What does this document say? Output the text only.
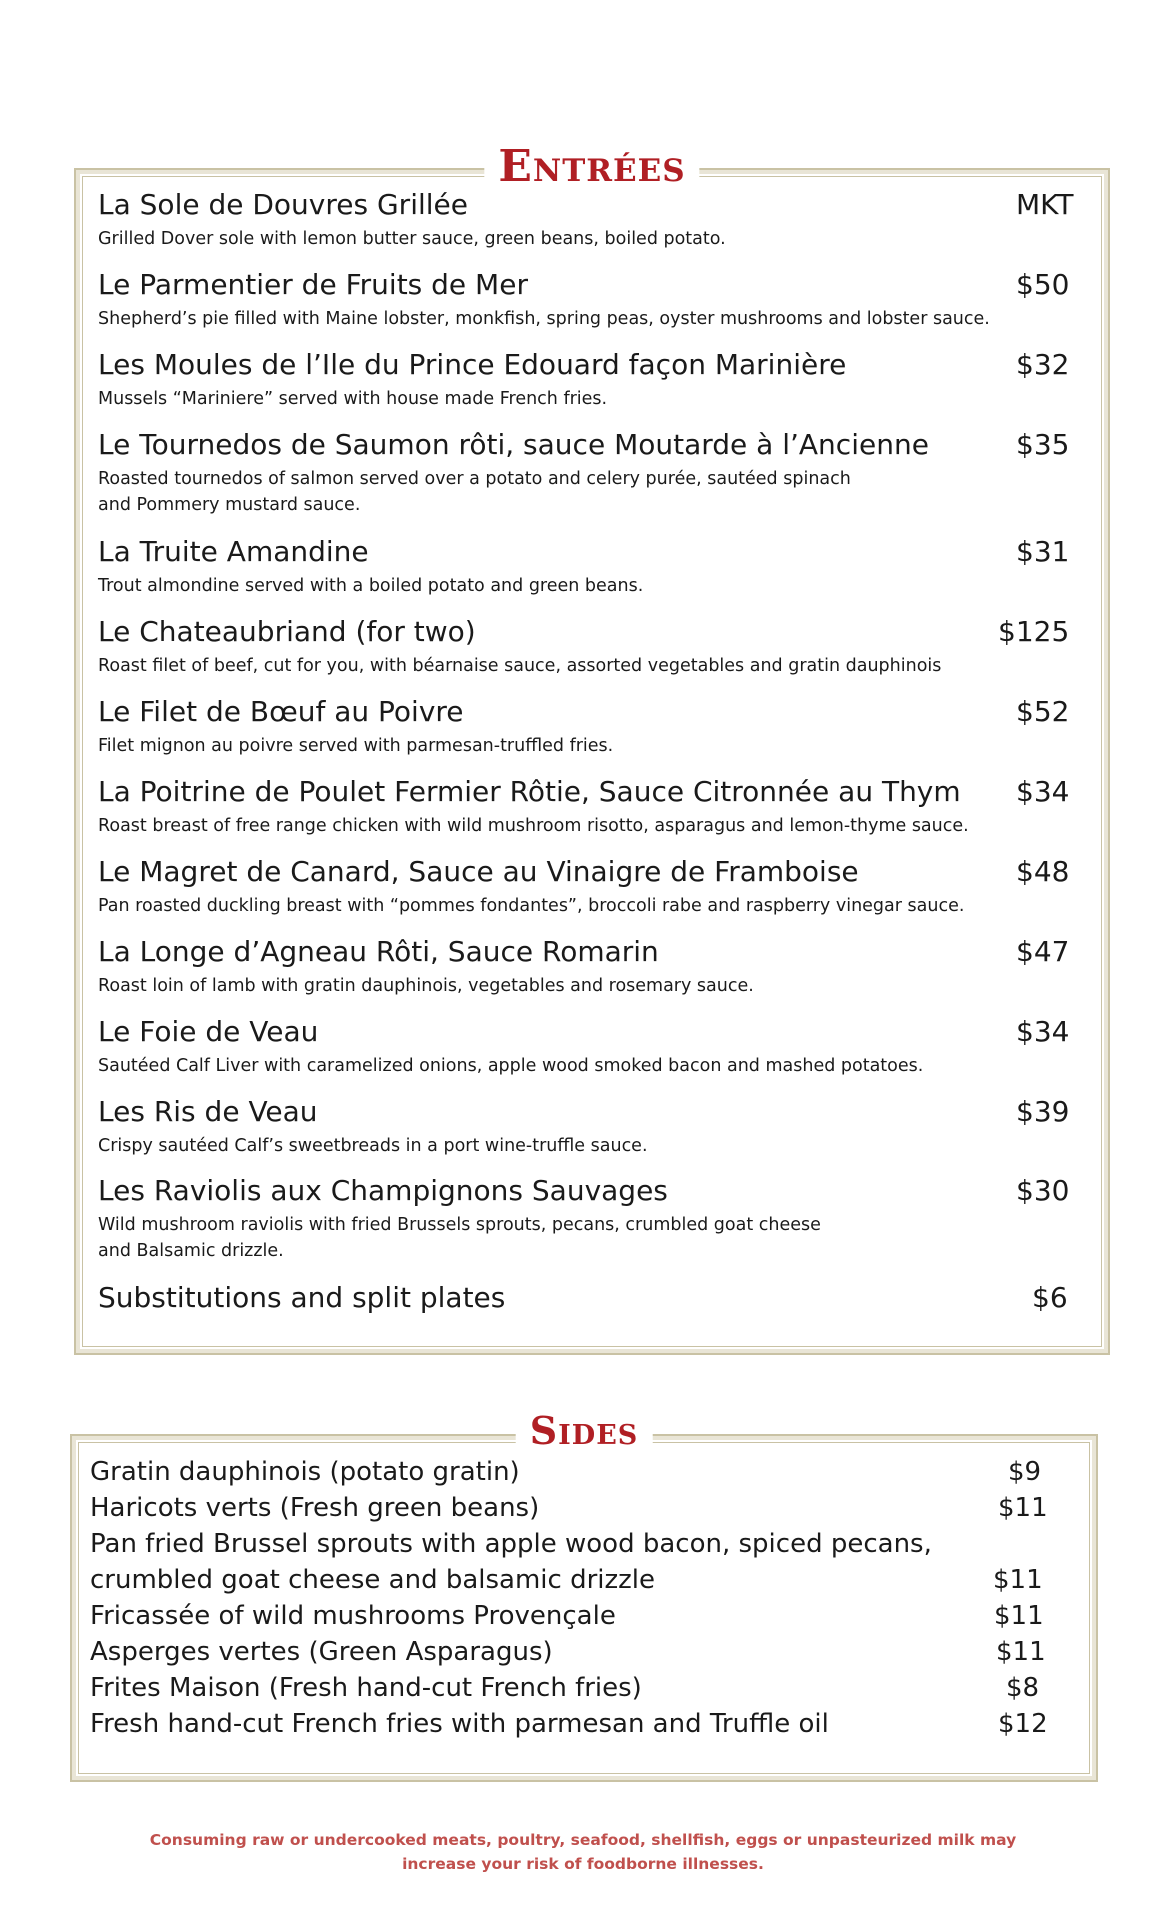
Entrées
La Sole de Douvres Grillée	MKT
Grilled Dover sole with lemon butter sauce, green beans, boiled potato.
Le Parmentier de Fruits de Mer	$50
Shepherd’s pie filled with Maine lobster, monkfish, spring peas, oyster mushrooms and lobster sauce.
Les Moules de l’Ile du Prince Edouard façon Marinière	$32
Mussels “Mariniere” served with house made French fries.
Le Tournedos de Saumon rôti, sauce Moutarde à l’Ancienne	$35
Roasted tournedos of salmon served over a potato and celery purée, sautéed spinach
and Pommery mustard sauce.
La Truite Amandine	$31
Trout almondine served with a boiled potato and green beans.
Le Chateaubriand (for two)	$125
Roast filet of beef, cut for you, with béarnaise sauce, assorted vegetables and gratin dauphinois
Le Filet de Bœuf au Poivre	$52
Filet mignon au poivre served with parmesan-truffled fries.
La Poitrine de Poulet Fermier Rôtie, Sauce Citronnée au Thym $34
Roast breast of free range chicken with wild mushroom risotto, asparagus and lemon-thyme sauce.
Le Magret de Canard, Sauce au Vinaigre de Framboise	$48
Pan roasted duckling breast with “pommes fondantes”, broccoli rabe and raspberry vinegar sauce.
La Longe d’Agneau Rôti, Sauce Romarin	$47
Roast loin of lamb with gratin dauphinois, vegetables and rosemary sauce.
Le Foie de Veau	$34
Sautéed Calf Liver with caramelized onions, apple wood smoked bacon and mashed potatoes.
Les Ris de Veau	$39
Crispy sautéed Calf’s sweetbreads in a port wine-truffle sauce.
Les Raviolis aux Champignons Sauvages	$30
Wild mushroom raviolis with fried Brussels sprouts, pecans, crumbled goat cheese
and Balsamic drizzle.
Substitutions and split plates	$6
Sides
Gratin dauphinois (potato gratin)	$9
Haricots verts (Fresh green beans)	$11
Pan fried Brussel sprouts with apple wood bacon, spiced pecans,
crumbled goat cheese and balsamic drizzle	$11
Fricassée of wild mushrooms Provençale	$11
Asperges vertes (Green Asparagus)	$11
Frites Maison (Fresh hand-cut French fries)	$8
Fresh hand-cut French fries with parmesan and Truffle oil	$12
Consuming raw or undercooked meats, poultry, seafood, shellfish, eggs or unpasteurized milk may
increase your risk of foodborne illnesses.
